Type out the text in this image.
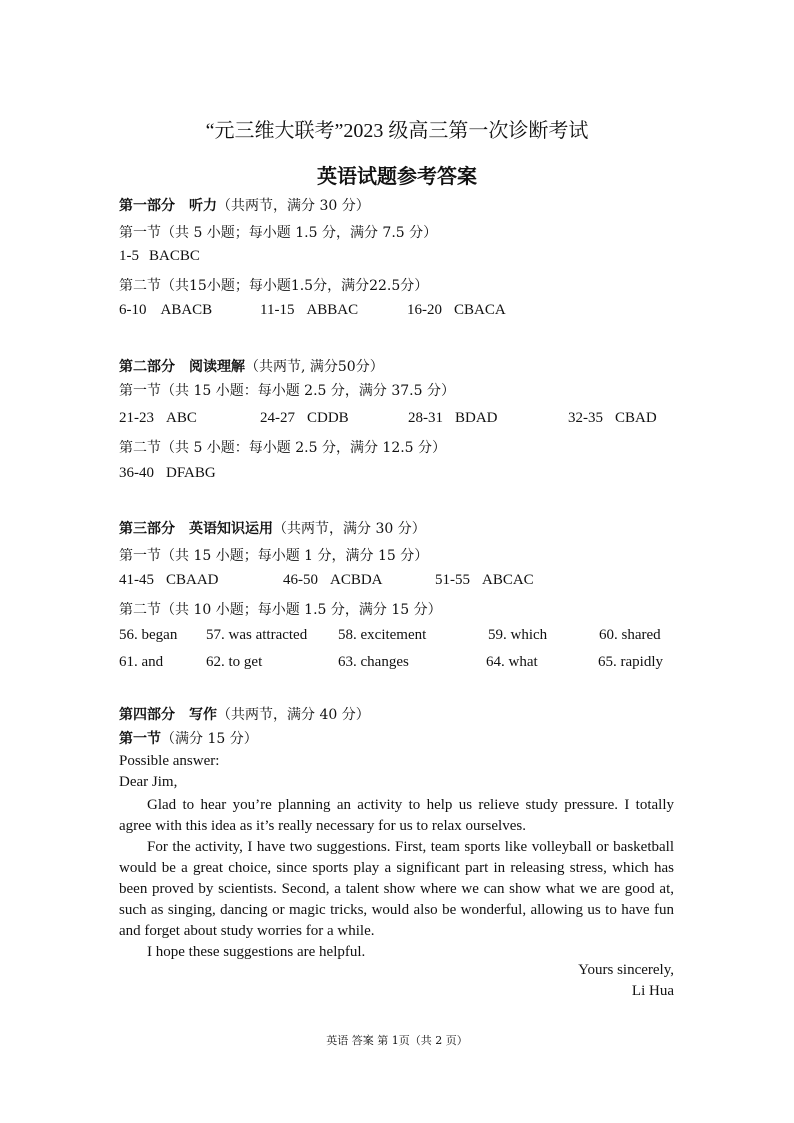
“元三维大联考”2023 级高三第一次诊断考试
英语试题参考答案
第一部分　听力（共两节，满分 30 分）
第一节（共 5 小题；每小题 1.5 分，满分 7.5 分）
1-5 BACBC
第二节（共15小题；每小题1.5分，满分22.5分）
6-10 ABACB	11-15 ABBAC	16-20 CBACA
第二部分　阅读理解（共两节, 满分50分）
第一节（共 15 小题：每小题 2.5 分，满分 37.5 分）
21-23 ABC	24-27 CDDB	28-31 BDAD	32-35 CBAD
第二节（共 5 小题：每小题 2.5 分，满分 12.5 分）
36-40 DFABG
第三部分　英语知识运用（共两节，满分 30 分）
第一节（共 15 小题；每小题 1 分，满分 15 分）
41-45 CBAAD	46-50 ACBDA	51-55 ABCAC
第二节（共 10 小题；每小题 1.5 分，满分 15 分）
56. began 57. was attracted 58. excitement	59. which	60. shared
61. and	62. to get	63. changes	64. what	65. rapidly
第四部分　写作（共两节，满分 40 分）
第一节（满分 15 分）
Possible answer:
Dear Jim,
Glad to hear you’re planning an activity to help us relieve study pressure. I totally agree with this idea as it’s really necessary for us to relax ourselves.
For the activity, I have two suggestions. First, team sports like volleyball or basketball would be a great choice, since sports play a significant part in releasing stress, which has been proved by scientists. Second, a talent show where we can show what we are good at, such as singing, dancing or magic tricks, would also be wonderful, allowing us to have fun and forget about study worries for a while.
I hope these suggestions are helpful.
Yours sincerely,
Li Hua
英语 答案 第 1页（共 2 页）
